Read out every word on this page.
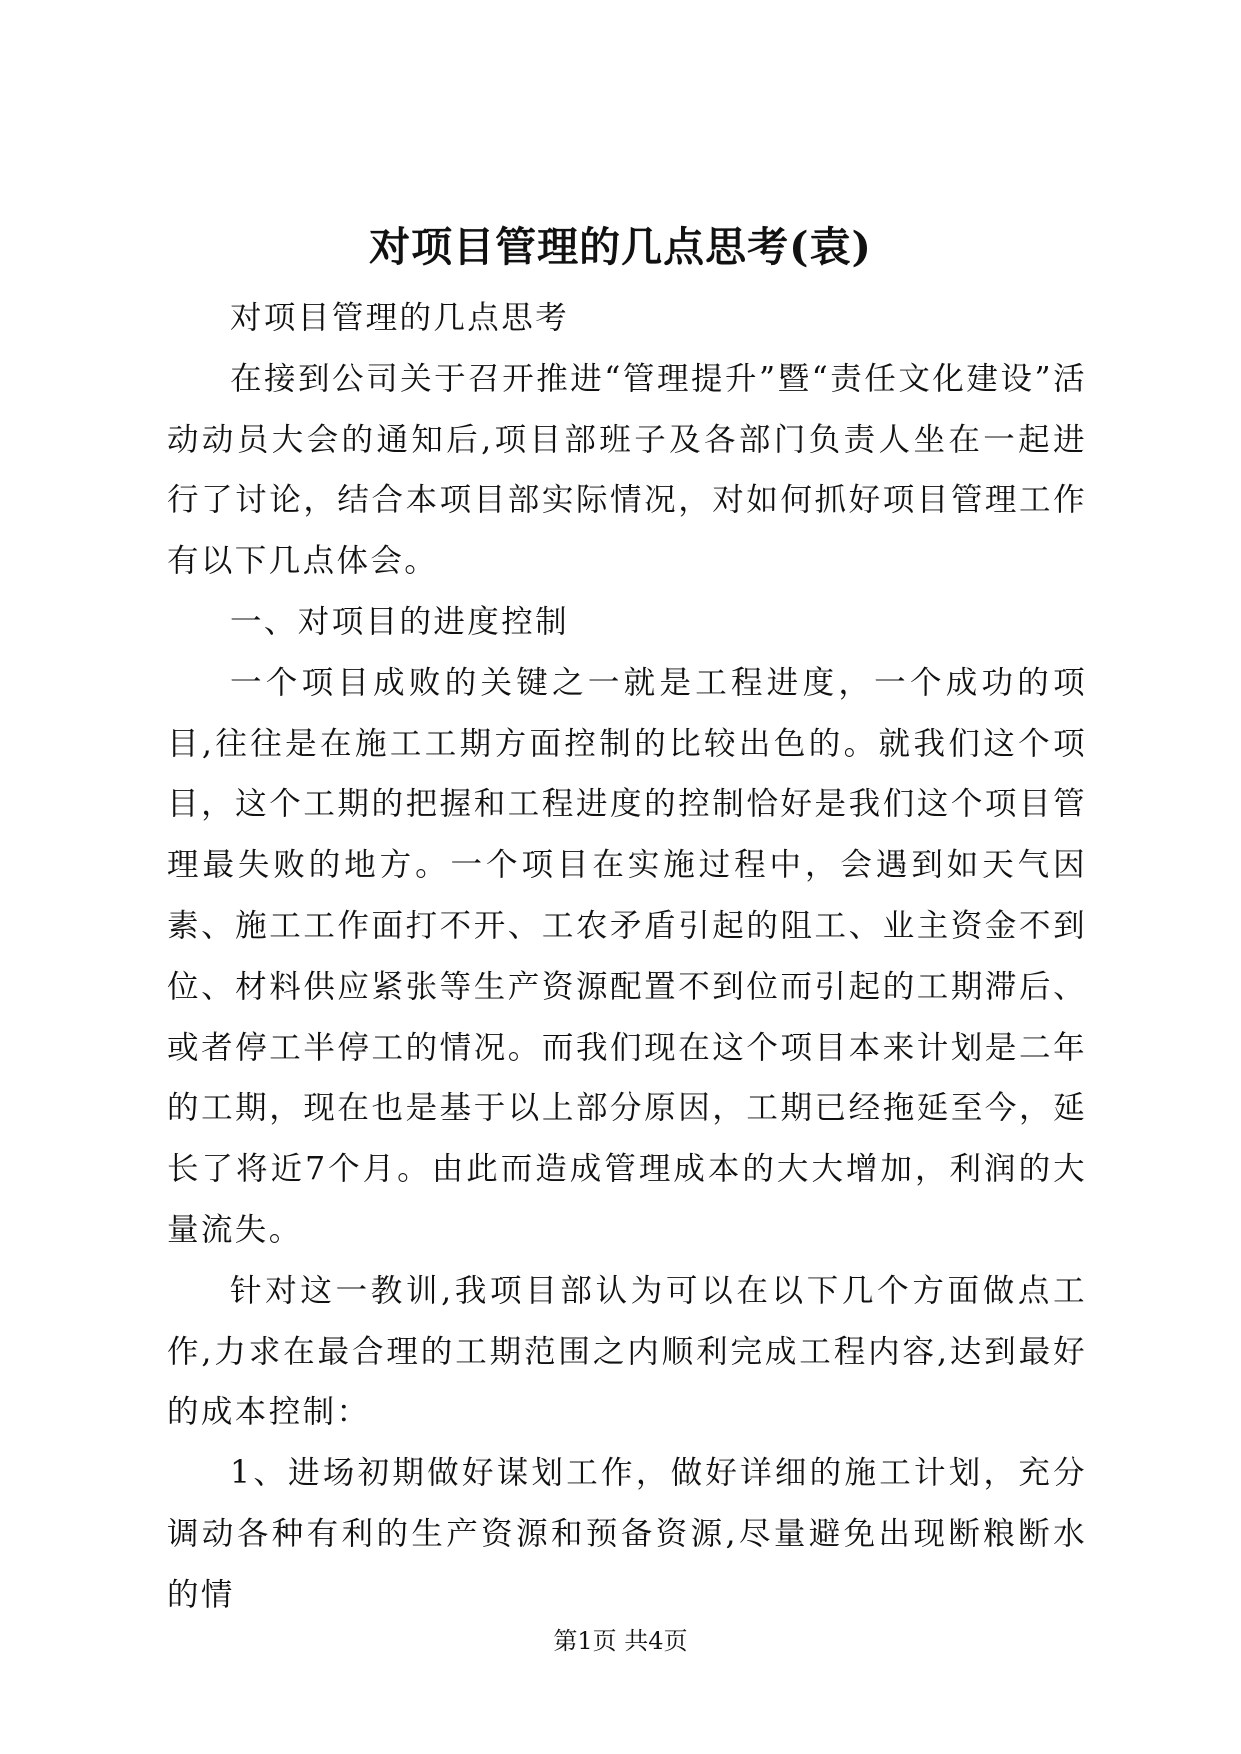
对项目管理的几点思考(袁)

对项目管理的几点思考

在接到公司关于召开推进“管理提升”暨“责任文化建设”活动动员大会的通知后,项目部班子及各部门负责人坐在一起进行了讨论，结合本项目部实际情况，对如何抓好项目管理工作有以下几点体会。

一、对项目的进度控制

一个项目成败的关键之一就是工程进度，一个成功的项目,往往是在施工工期方面控制的比较出色的。就我们这个项目，这个工期的把握和工程进度的控制恰好是我们这个项目管理最失败的地方。一个项目在实施过程中，会遇到如天气因素、施工工作面打不开、工农矛盾引起的阻工、业主资金不到位、材料供应紧张等生产资源配置不到位而引起的工期滞后、或者停工半停工的情况。而我们现在这个项目本来计划是二年的工期，现在也是基于以上部分原因，工期已经拖延至今，延长了将近7个月。由此而造成管理成本的大大增加，利润的大量流失。

针对这一教训,我项目部认为可以在以下几个方面做点工作,力求在最合理的工期范围之内顺利完成工程内容,达到最好的成本控制：

1、进场初期做好谋划工作，做好详细的施工计划，充分调动各种有利的生产资源和预备资源,尽量避免出现断粮断水的情

第1页 共4页
